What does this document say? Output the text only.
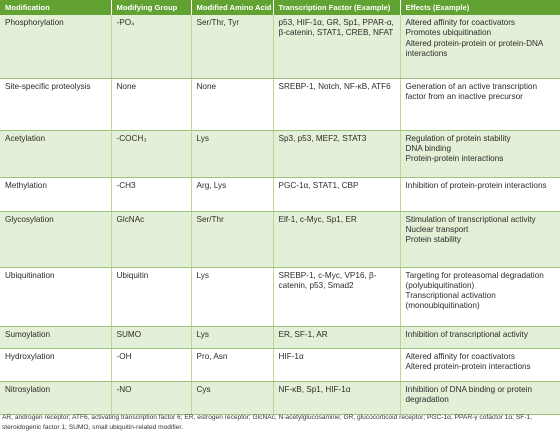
Modification	Modifying Group	Modified Amino Acid	Transcription Factor (Example)	Effects (Example)
Phosphorylation	-PO₄	Ser/Thr, Tyr	p53, HIF-1α, GR, Sp1, PPAR-α, β-catenin, STAT1, CREB, NFAT	Altered affinity for coactivators
Promotes ubiquitination
Altered protein-protein or protein-DNA interactions

Site-specific proteolysis	None	None	SREBP-1, Notch, NF-κB, ATF6	Generation of an active transcription factor from an inactive precursor

Acetylation	-COCH₃	Lys	Sp3, p53, MEF2, STAT3	Regulation of protein stability
DNA binding
Protein-protein interactions

Methylation	-CH3	Arg, Lys	PGC-1α, STAT1, CBP	Inhibition of protein-protein interactions

Glycosylation	GlcNAc	Ser/Thr	Elf-1, c-Myc, Sp1, ER	Stimulation of transcriptional activity
Nuclear transport
Protein stability

Ubiquitination	Ubiquitin	Lys	SREBP-1, c-Myc, VP16, β-catenin, p53, Smad2	Targeting for proteasomal degradation (polyubiquitination)
Transcriptional activation (monoubiquitination)

Sumoylation	SUMO	Lys	ER, SF-1, AR	Inhibition of transcriptional activity

Hydroxylation	-OH	Pro, Asn	HIF-1α	Altered affinity for coactivators
Altered protein-protein interactions

Nitrosylation	-NO	Cys	NF-κB, Sp1, HIF-1α	Inhibition of DNA binding or protein degradation
AR, androgen receptor; ATF6, activating transcription factor 6; ER, estrogen receptor; GlcNAc, N-acetylglucosamine; GR, glucocorticoid receptor; PGC-1α, PPAR-γ cofactor 1α; SF-1, steroidogenic factor 1; SUMO, small ubiquitin-related modifier.
